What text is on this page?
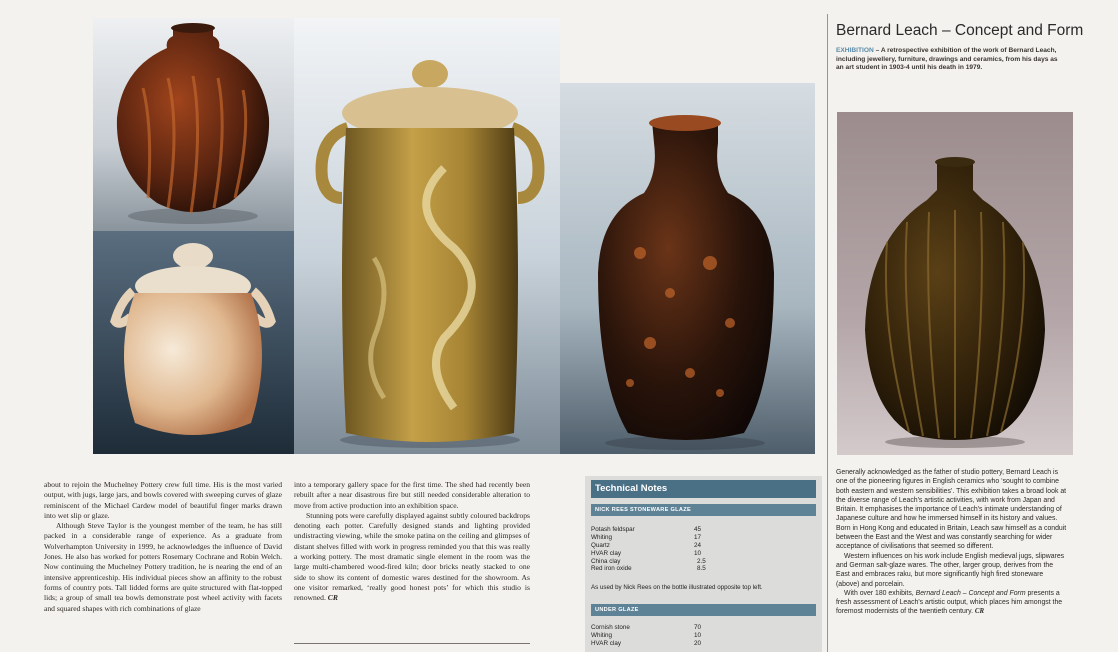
about to rejoin the Muchelney Pottery crew full time. His is the most varied output, with jugs, large jars, and bowls covered with sweeping curves of glaze reminiscent of the Michael Cardew model of beautiful finger marks drawn into wet slip or glaze.

Although Steve Taylor is the youngest member of the team, he has still packed in a considerable range of experience. As a graduate from Wolverhampton University in 1999, he acknowledges the influence of David Jones. He also has worked for potters Rosemary Cochrane and Robin Welch. Now continuing the Muchelney Pottery tradition, he is nearing the end of an intensive apprenticeship. His individual pieces show an affinity to the robust forms of country pots. Tall lidded forms are quite structured with flat-topped lids; a group of small tea bowls demonstrate post wheel activity with facets and squared shapes with rich combinations of glaze

into a temporary gallery space for the first time. The shed had recently been rebuilt after a near disastrous fire but still needed considerable alteration to move from active production into an exhibition space.

Stunning pots were carefully displayed against subtly coloured backdrops denoting each potter. Carefully designed stands and lighting provided undistracting viewing, while the smoke patina on the ceiling and glimpses of distant shelves filled with work in progress reminded you that this was really a working pottery. The most dramatic single element in the room was the large multi-chambered wood-fired kiln; door bricks neatly stacked to one side to show its content of domestic wares destined for the showroom. As one visitor remarked, ‘really good honest pots’ for which this studio is renowned. CR

Technical Notes
NICK REES STONEWARE GLAZE
Potash feldspar	45
Whiting	17
Quartz	24
HVAR clay	10
China clay	2.5
Red iron oxide	8.5
As used by Nick Rees on the bottle illustrated opposite top left.
UNDER GLAZE
Cornish stone	70
Whiting	10
HVAR clay	20
Bernard Leach – Concept and Form
EXHIBITION – A retrospective exhibition of the work of Bernard Leach, including jewellery, furniture, drawings and ceramics, from his days as an art student in 1903-4 until his death in 1979.

Generally acknowledged as the father of studio pottery, Bernard Leach is one of the pioneering figures in English ceramics who ‘sought to combine both eastern and western sensibilities’. This exhibition takes a broad look at the diverse range of Leach's artistic activities, with work from Japan and Britain. It emphasises the importance of Leach's intimate understanding of Japanese culture and how he immersed himself in its history and values. Born in Hong Kong and educated in Britain, Leach saw himself as a conduit between the East and the West and was constantly searching for wider acceptance of civilisations that seemed so different.

Western influences on his work include English medieval jugs, slipwares and German salt-glaze wares. The other, larger group, derives from the East and embraces raku, but more significantly high fired stoneware (above) and porcelain.

With over 180 exhibits, Bernard Leach – Concept and Form presents a fresh assessment of Leach's artistic output, which places him amongst the foremost modernists of the twentieth century. CR
